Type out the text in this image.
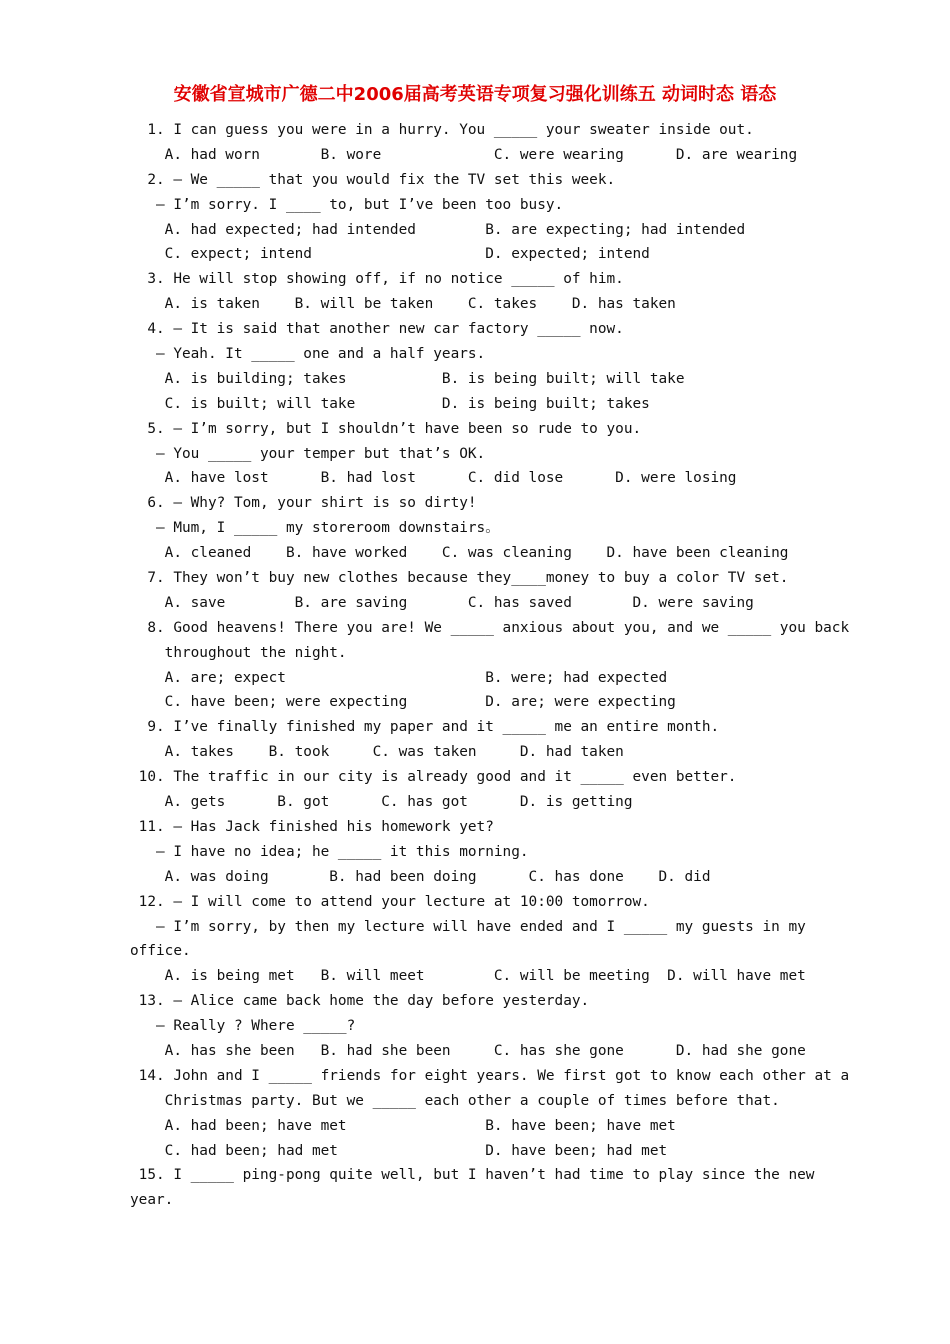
安徽省宣城市广德二中2006届高考英语专项复习强化训练五 动词时态 语态
1. I can guess you were in a hurry. You _____ your sweater inside out.
A. had worn       B. wore             C. were wearing      D. are wearing
2. — We _____ that you would fix the TV set this week.
— I’m sorry. I ____ to, but I’ve been too busy.
A. had expected; had intended        B. are expecting; had intended
C. expect; intend                    D. expected; intend
3. He will stop showing off, if no notice _____ of him.
A. is taken    B. will be taken    C. takes    D. has taken
4. — It is said that another new car factory _____ now.
— Yeah. It _____ one and a half years.
A. is building; takes           B. is being built; will take
C. is built; will take          D. is being built; takes
5. — I’m sorry, but I shouldn’t have been so rude to you.
— You _____ your temper but that’s OK.
A. have lost      B. had lost      C. did lose      D. were losing
6. — Why? Tom, your shirt is so dirty!
— Mum, I _____ my storeroom downstairs。
A. cleaned    B. have worked    C. was cleaning    D. have been cleaning
7. They won’t buy new clothes because they____money to buy a color TV set.
A. save        B. are saving       C. has saved       D. were saving
8. Good heavens! There you are! We _____ anxious about you, and we _____ you back
throughout the night.
A. are; expect                       B. were; had expected
C. have been; were expecting         D. are; were expecting
9. I’ve finally finished my paper and it _____ me an entire month.
A. takes    B. took     C. was taken     D. had taken
10. The traffic in our city is already good and it _____ even better.
A. gets      B. got      C. has got      D. is getting
11. — Has Jack finished his homework yet?
— I have no idea; he _____ it this morning.
A. was doing       B. had been doing      C. has done    D. did
12. — I will come to attend your lecture at 10:00 tomorrow.
— I’m sorry, by then my lecture will have ended and I _____ my guests in my
office.
A. is being met   B. will meet        C. will be meeting  D. will have met
13. — Alice came back home the day before yesterday.
— Really ? Where _____?
A. has she been   B. had she been     C. has she gone      D. had she gone
14. John and I _____ friends for eight years. We first got to know each other at a
Christmas party. But we _____ each other a couple of times before that.
A. had been; have met                B. have been; have met
C. had been; had met                 D. have been; had met
15. I _____ ping-pong quite well, but I haven’t had time to play since the new
year.
